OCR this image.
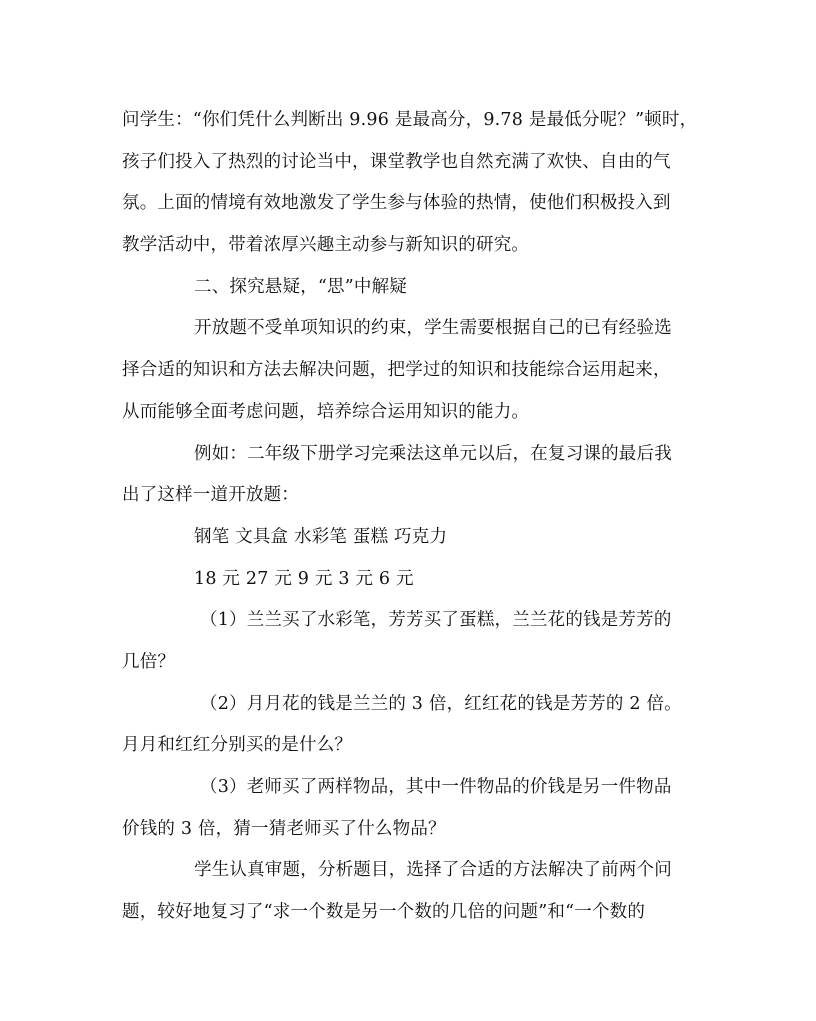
问学生：“你们凭什么判断出 9.96 是最高分，9.78 是最低分呢？”顿时，
孩子们投入了热烈的讨论当中，课堂教学也自然充满了欢快、自由的气
氛。上面的情境有效地激发了学生参与体验的热情，使他们积极投入到
教学活动中，带着浓厚兴趣主动参与新知识的研究。
二、探究悬疑，“思”中解疑
开放题不受单项知识的约束，学生需要根据自己的已有经验选
择合适的知识和方法去解决问题，把学过的知识和技能综合运用起来，
从而能够全面考虑问题，培养综合运用知识的能力。
例如：二年级下册学习完乘法这单元以后，在复习课的最后我
出了这样一道开放题：
钢笔 文具盒 水彩笔 蛋糕 巧克力
18 元 27 元 9 元 3 元 6 元
（1）兰兰买了水彩笔，芳芳买了蛋糕，兰兰花的钱是芳芳的
几倍？
（2）月月花的钱是兰兰的 3 倍，红红花的钱是芳芳的 2 倍。
月月和红红分别买的是什么？
（3）老师买了两样物品，其中一件物品的价钱是另一件物品
价钱的 3 倍，猜一猜老师买了什么物品？
学生认真审题，分析题目，选择了合适的方法解决了前两个问
题，较好地复习了“求一个数是另一个数的几倍的问题”和“一个数的
